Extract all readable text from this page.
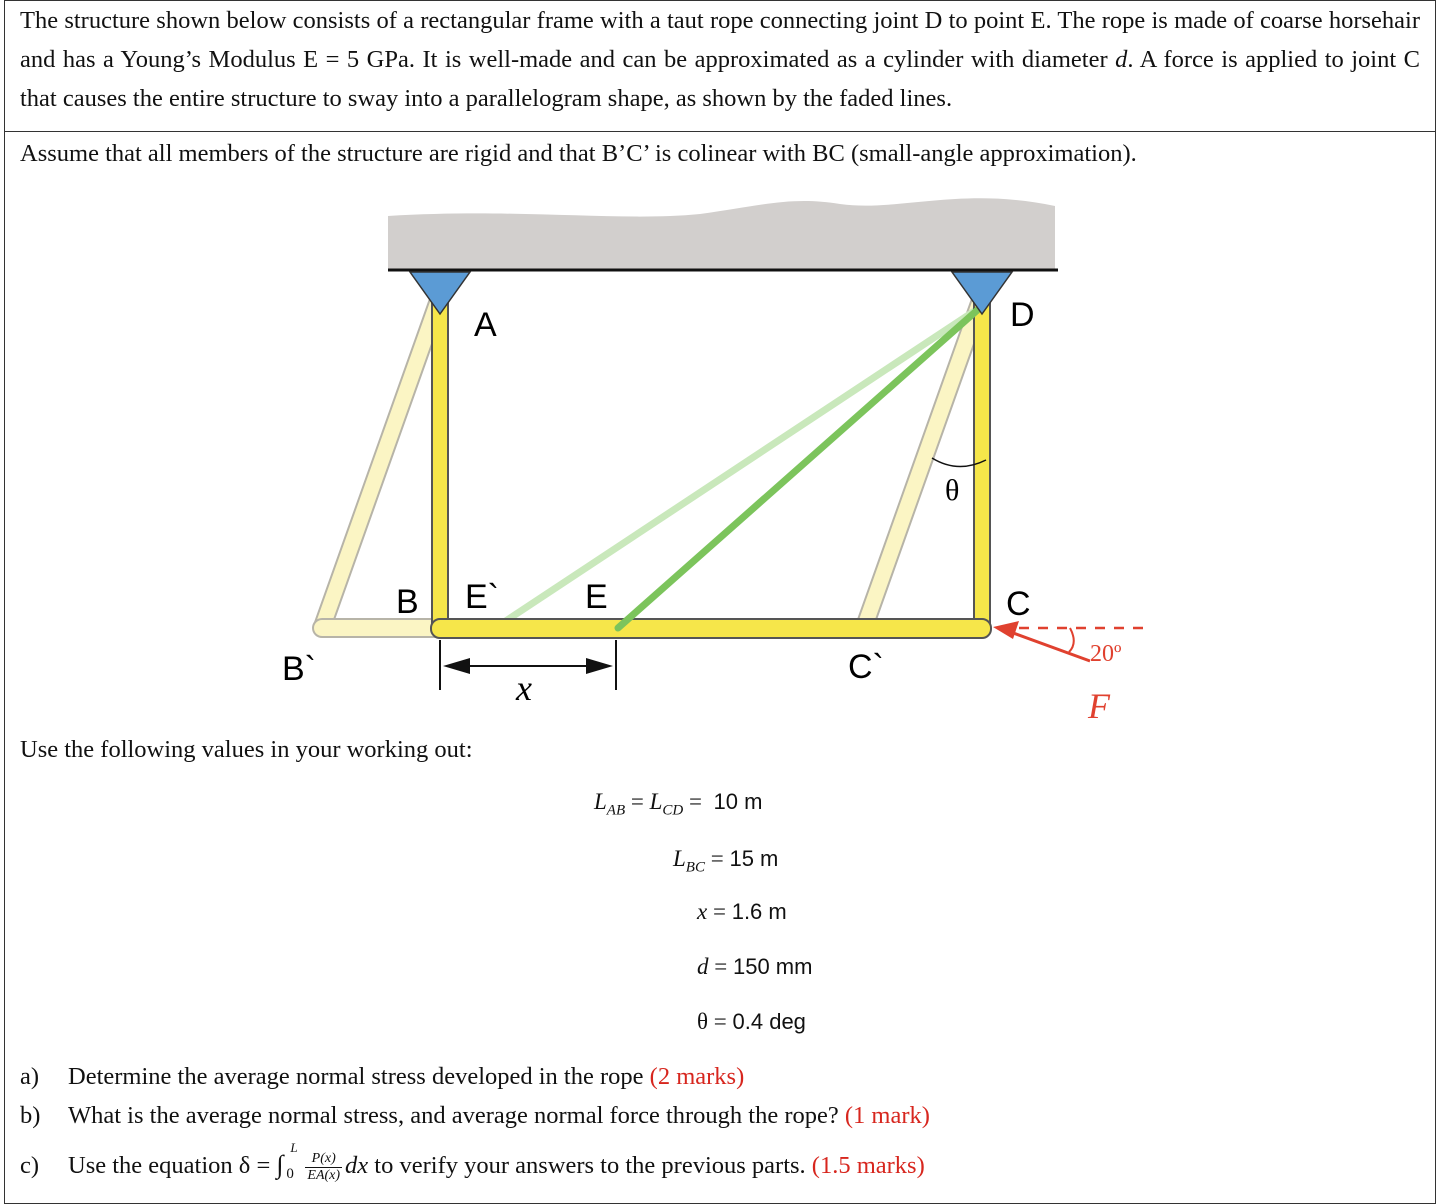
The structure shown below consists of a rectangular frame with a taut rope connecting joint D to point E. The rope is made of coarse horsehair and has a Young’s Modulus E = 5 GPa. It is well-made and can be approximated as a cylinder with diameter d. A force is applied to joint C that causes the entire structure to sway into a parallelogram shape, as shown by the faded lines.
Assume that all members of the structure are rigid and that B’C’ is colinear with BC (small-angle approximation).
A	D
B E`	E	C
B`	C`
θ
x
20º
F
Use the following values in your working out:
$L_{AB} = L_{CD} = 10$ m
$L_{BC} = 15$ m
x = 1.6 m
d = 150 mm
θ = 0.4 deg
a) Determine the average normal stress developed in the rope (2 marks)
b) What is the average normal stress, and average normal force through the rope? (1 mark)
c) Use the equation δ = ∫
L
$0 \frac{P(x)}{EA(x)}$ dx to verify your answers to the previous parts. (1.5 marks)
